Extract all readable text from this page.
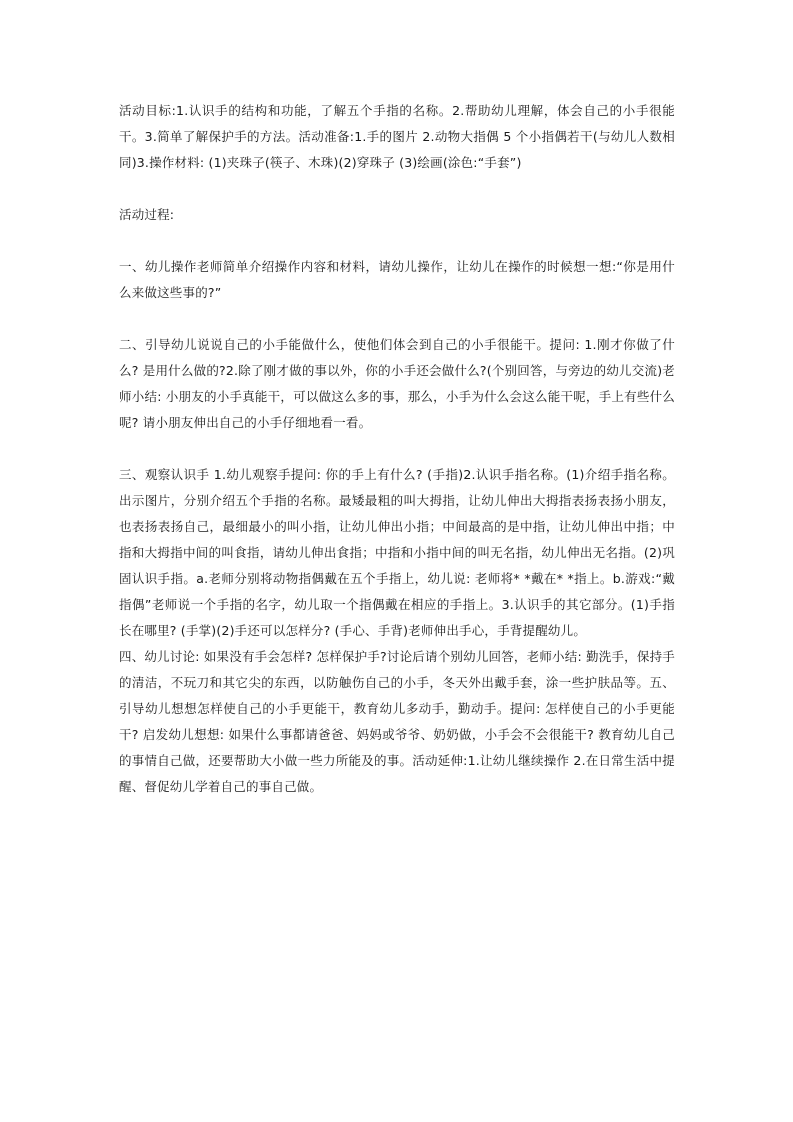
活动目标:1.认识手的结构和功能，了解五个手指的名称。2.帮助幼儿理解，体会自己的小手很能干。3.简单了解保护手的方法。活动准备:1.手的图片 2.动物大指偶 5 个小指偶若干(与幼儿人数相同)3.操作材料: (1)夹珠子(筷子、木珠)(2)穿珠子 (3)绘画(涂色:“手套”)

活动过程:

一、幼儿操作老师简单介绍操作内容和材料，请幼儿操作，让幼儿在操作的时候想一想:“你是用什么来做这些事的?”

二、引导幼儿说说自己的小手能做什么，使他们体会到自己的小手很能干。提问: 1.刚才你做了什么? 是用什么做的?2.除了刚才做的事以外，你的小手还会做什么?(个别回答，与旁边的幼儿交流)老师小结: 小朋友的小手真能干，可以做这么多的事，那么，小手为什么会这么能干呢，手上有些什么呢? 请小朋友伸出自己的小手仔细地看一看。

三、观察认识手 1.幼儿观察手提问: 你的手上有什么? (手指)2.认识手指名称。(1)介绍手指名称。出示图片，分别介绍五个手指的名称。最矮最粗的叫大拇指，让幼儿伸出大拇指表扬表扬小朋友，也表扬表扬自己，最细最小的叫小指，让幼儿伸出小指；中间最高的是中指，让幼儿伸出中指；中指和大拇指中间的叫食指，请幼儿伸出食指；中指和小指中间的叫无名指，幼儿伸出无名指。(2)巩固认识手指。a.老师分别将动物指偶戴在五个手指上，幼儿说: 老师将* *戴在* *指上。b.游戏:“戴指偶”老师说一个手指的名字，幼儿取一个指偶戴在相应的手指上。3.认识手的其它部分。(1)手指长在哪里? (手掌)(2)手还可以怎样分? (手心、手背)老师伸出手心，手背提醒幼儿。

四、幼儿讨论: 如果没有手会怎样? 怎样保护手?讨论后请个别幼儿回答，老师小结: 勤洗手，保持手的清洁，不玩刀和其它尖的东西，以防触伤自己的小手，冬天外出戴手套，涂一些护肤品等。五、引导幼儿想想怎样使自己的小手更能干，教育幼儿多动手，勤动手。提问: 怎样使自己的小手更能干? 启发幼儿想想: 如果什么事都请爸爸、妈妈或爷爷、奶奶做，小手会不会很能干? 教育幼儿自己的事情自己做，还要帮助大小做一些力所能及的事。活动延伸:1.让幼儿继续操作 2.在日常生活中提醒、督促幼儿学着自己的事自己做。
